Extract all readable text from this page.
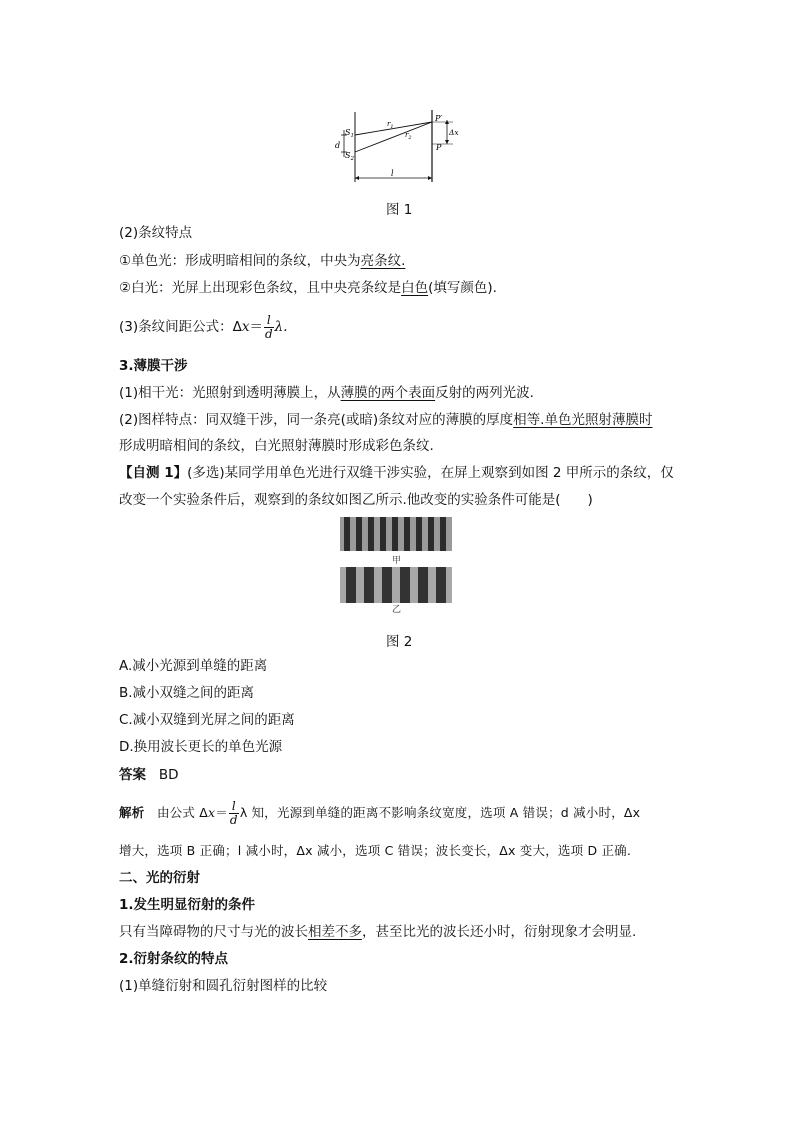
$S_1$
d
$S_2$
$r_1$
$r_2$
P′
Δx
P
l
图 1
(2)条纹特点
①单色光：形成明暗相间的条纹，中央为亮条纹.
②白光：光屏上出现彩色条纹，且中央亮条纹是白色(填写颜色).
(3)条纹间距公式：$\Delta x= \frac{l}{d} \lambda$.
3.薄膜干涉
(1)相干光：光照射到透明薄膜上，从薄膜的两个表面反射的两列光波.
(2)图样特点：同双缝干涉，同一条亮(或暗)条纹对应的薄膜的厚度相等.单色光照射薄膜时
形成明暗相间的条纹，白光照射薄膜时形成彩色条纹.
【自测 1】(多选)某同学用单色光进行双缝干涉实验，在屏上观察到如图 2 甲所示的条纹，仅
改变一个实验条件后，观察到的条纹如图乙所示.他改变的实验条件可能是(　　)
甲
乙
图 2
A.减小光源到单缝的距离
B.减小双缝之间的距离
C.减小双缝到光屏之间的距离
D.换用波长更长的单色光源
答案 BD
解析 由公式 $\Delta x= \frac{l}{d}$ λ 知，光源到单缝的距离不影响条纹宽度，选项 A 错误；d 减小时，Δx
增大，选项 B 正确；l 减小时，Δx 减小，选项 C 错误；波长变长，Δx 变大，选项 D 正确.
二、光的衍射
1.发生明显衍射的条件
只有当障碍物的尺寸与光的波长相差不多，甚至比光的波长还小时，衍射现象才会明显.
2.衍射条纹的特点
(1)单缝衍射和圆孔衍射图样的比较
